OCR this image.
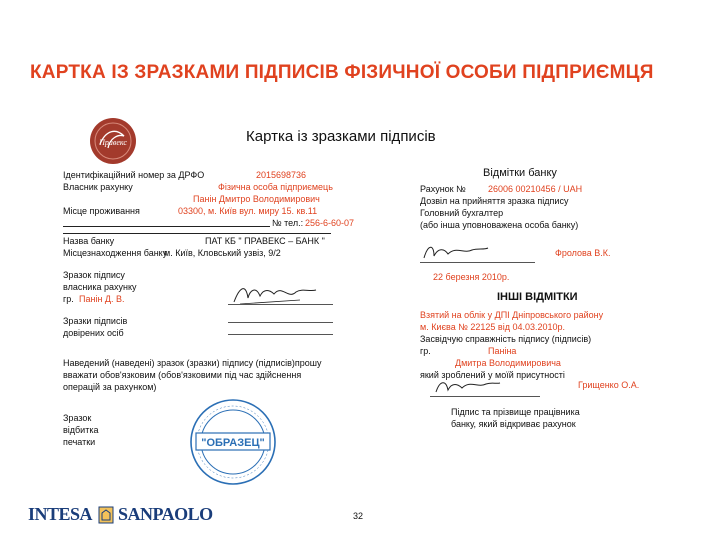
КАРТКА ІЗ ЗРАЗКАМИ ПІДПИСІВ ФІЗИЧНОЇ ОСОБИ ПІДПРИЄМЦЯ
Правекс	Картка із зразками підписів
Ідентифікаційний номер за ДРФО	2015698736
Власник рахунку	Фізична особа підприємець
Панін Дмитро Володимирович
Місце проживання	03300, м. Київ вул. миру 15. кв.11
№ тел.: 256-6-60-07
Назва банку	ПАТ КБ " ПРАВЕКС – БАНК "
Місцезнаходження банку
м. Київ, Кловський узвіз, 9/2
Зразок підпису
власника рахунку
гр. Панін Д. В.
Зразки підписів
довірених осіб
Наведений (наведені) зразок (зразки) підпису (підписів)прошу
вважати обов'язковим (обов'язковими під час здійснення
операцій за рахунком)
Зразок
відбитка
печатки	"ОБРАЗЕЦ"
Відмітки банку
Рахунок № 26006 00210456 / UAH
Дозвіл на прийняття зразка підпису
Головний бухгалтер
(або інша уповноважена особа банку)
Фролова В.К.
22 березня 2010р.
ІНШІ ВІДМІТКИ
Взятий на облік у ДПІ Дніпровського району
м. Києва № 22125 від 04.03.2010р.
Засвідчую справжність підпису (підписів)
гр.	Паніна
Дмитра Володимировича
який зроблений у моїй присутності
Грищенко О.А.
Підпис та прізвище працівника
банку, який відкриває рахунок
INTESA SANPAOLO	32
